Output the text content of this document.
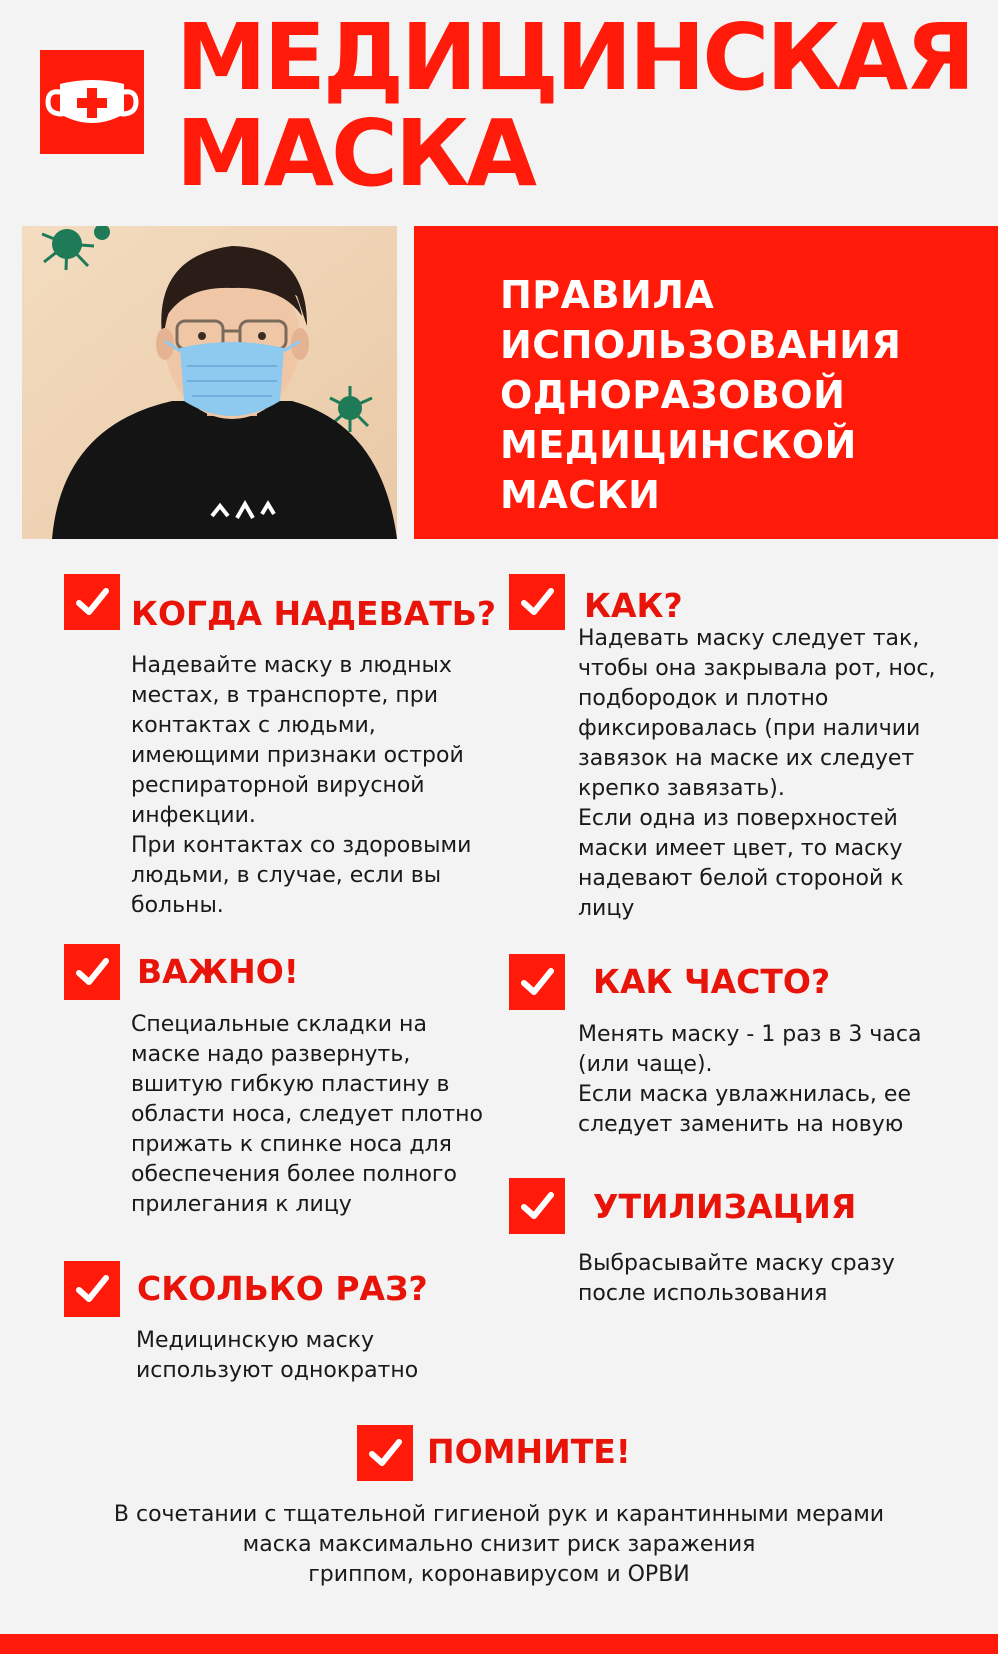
МЕДИЦИНСКАЯ
МАСКА
ПРАВИЛА
ИСПОЛЬЗОВАНИЯ
ОДНОРАЗОВОЙ
МЕДИЦИНСКОЙ
МАСКИ
КОГДА НАДЕВАТЬ?

Надевайте маску в людных
местах, в транспорте, при
контактах с людьми,
имеющими признаки острой
респираторной вирусной
инфекции.
При контактах со здоровыми
людьми, в случае, если вы
больны.

КАК?

Надевать маску следует так,
чтобы она закрывала рот, нос,
подбородок и плотно
фиксировалась (при наличии
завязок на маске их следует
крепко завязать).
Если одна из поверхностей
маски имеет цвет, то маску
надевают белой стороной к
лицу

ВАЖНО!

Специальные складки на
маске надо развернуть,
вшитую гибкую пластину в
области носа, следует плотно
прижать к спинке носа для
обеспечения более полного
прилегания к лицу

КАК ЧАСТО?

Менять маску - 1 раз в 3 часа
(или чаще).
Если маска увлажнилась, ее
следует заменить на новую

УТИЛИЗАЦИЯ

Выбрасывайте маску сразу
после использования

СКОЛЬКО РАЗ?

Медицинскую маску
используют однократно

ПОМНИТЕ!

В сочетании с тщательной гигиеной рук и карантинными мерами
маска максимально снизит риск заражения
гриппом, коронавирусом и ОРВИ
